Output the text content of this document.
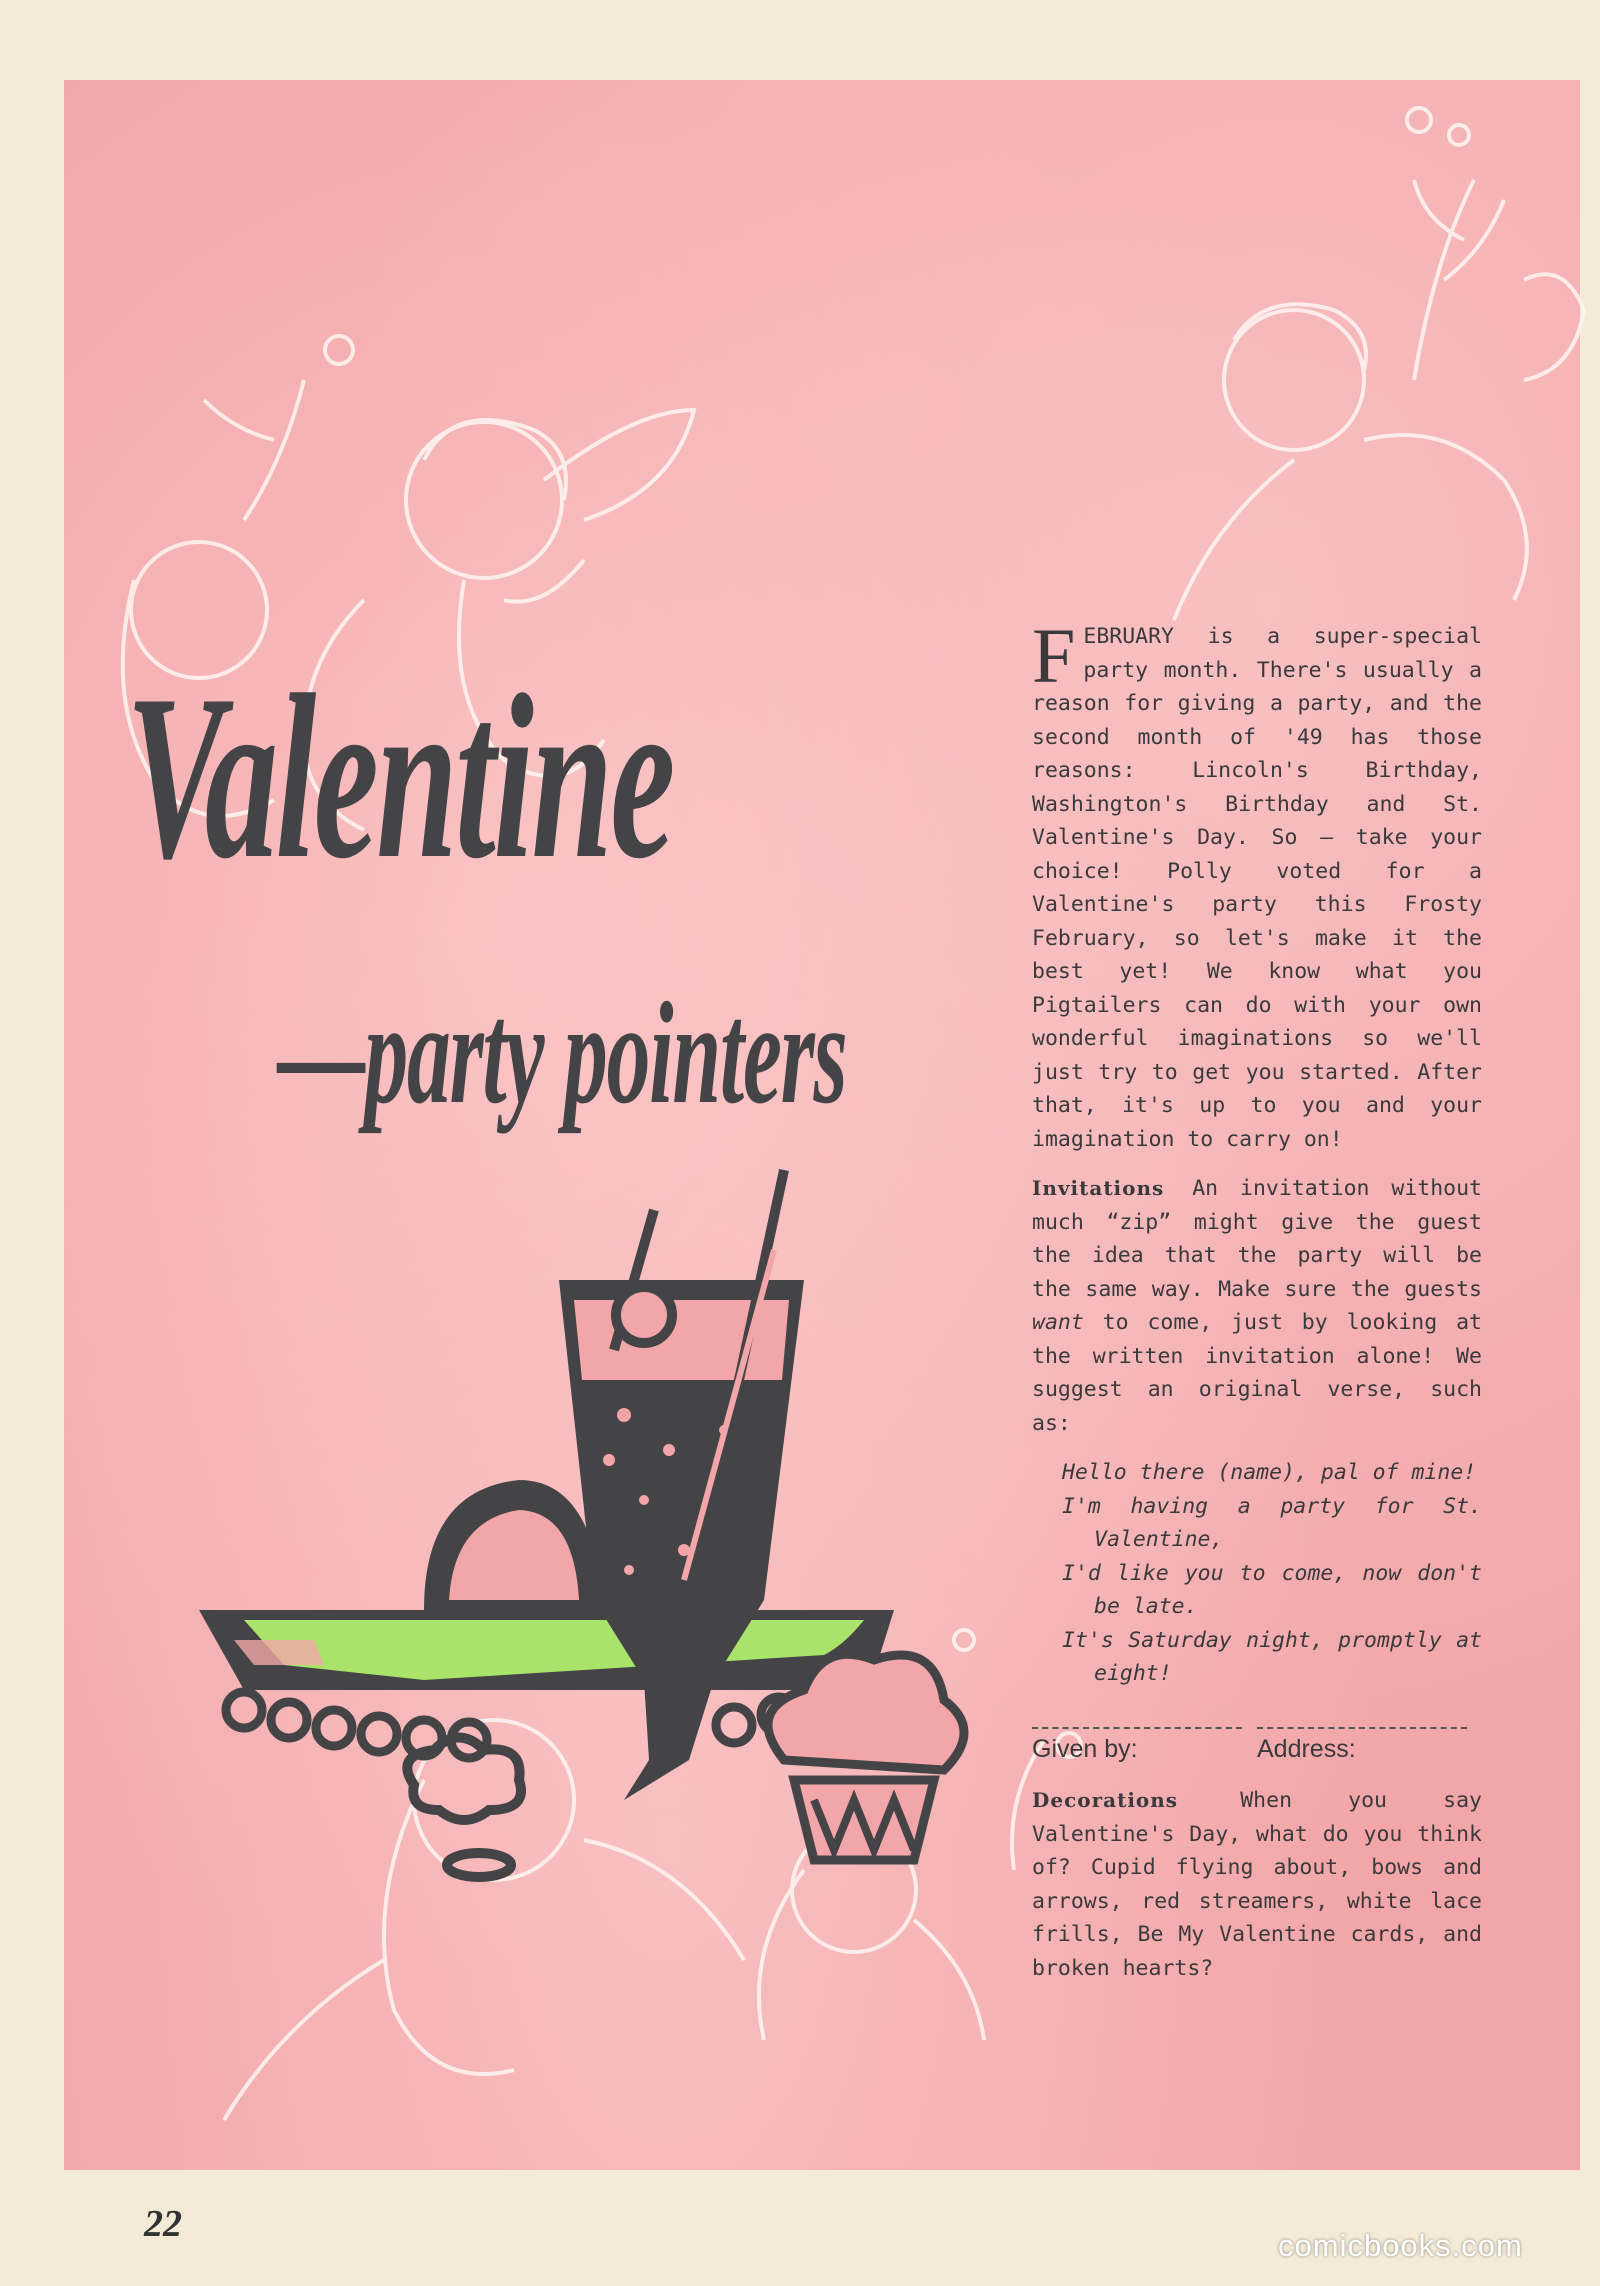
Valentine
—party pointers

FEBRUARY is a super-special party month. There's usually a reason for giving a party, and the second month of '49 has those reasons: Lincoln's Birthday, Washington's Birthday and St. Valentine's Day. So — take your choice! Polly voted for a Valentine's party this Frosty February, so let's make it the best yet! We know what you Pigtailers can do with your own wonderful imaginations so we'll just try to get you started. After that, it's up to you and your imagination to carry on!

Invitations An invitation without much “zip” might give the guest the idea that the party will be the same way. Make sure the guests want to come, just by looking at the written invitation alone! We suggest an original verse, such as:

Hello there (name), pal of mine!

I'm having a party for St. Valentine,

I'd like you to come, now don't be late.

It's Saturday night, promptly at eight!

Given by:	Address:

Decorations	When you say Valentine's Day, what do you think of? Cupid flying about, bows and arrows, red streamers, white lace frills, Be My Valentine cards, and broken hearts?

22

comicbooks.com
